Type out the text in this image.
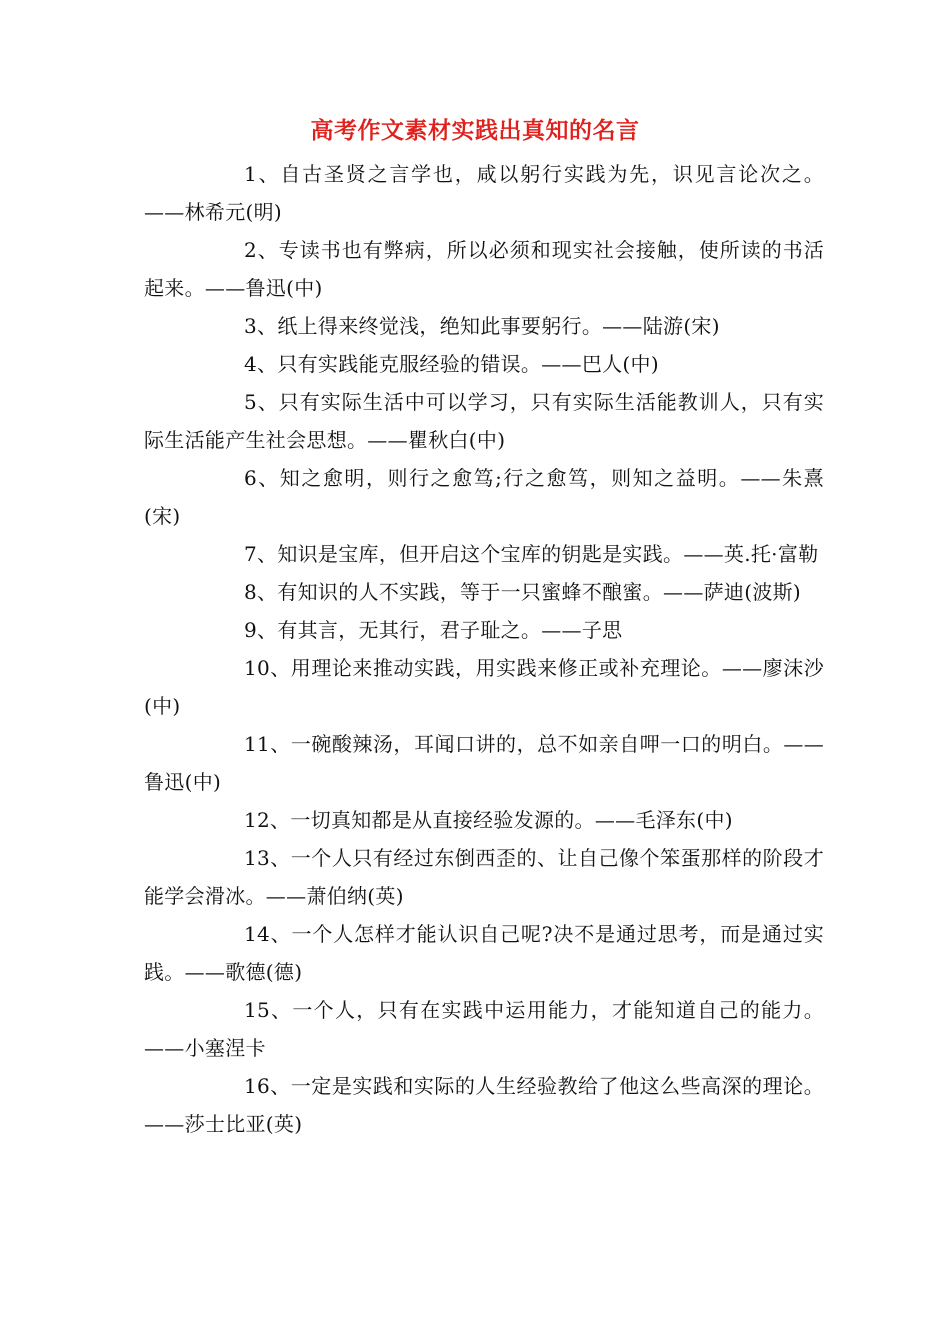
高考作文素材实践出真知的名言

1、自古圣贤之言学也，咸以躬行实践为先，识见言论次之。——林希元(明)

2、专读书也有弊病，所以必须和现实社会接触，使所读的书活起来。——鲁迅(中)

3、纸上得来终觉浅，绝知此事要躬行。——陆游(宋)

4、只有实践能克服经验的错误。——巴人(中)

5、只有实际生活中可以学习，只有实际生活能教训人，只有实际生活能产生社会思想。——瞿秋白(中)

6、知之愈明，则行之愈笃;行之愈笃，则知之益明。——朱熹(宋)

7、知识是宝库，但开启这个宝库的钥匙是实践。——英.托·富勒

8、有知识的人不实践，等于一只蜜蜂不酿蜜。——萨迪(波斯)

9、有其言，无其行，君子耻之。——子思

10、用理论来推动实践，用实践来修正或补充理论。——廖沫沙(中)

11、一碗酸辣汤，耳闻口讲的，总不如亲自呷一口的明白。——鲁迅(中)

12、一切真知都是从直接经验发源的。——毛泽东(中)

13、一个人只有经过东倒西歪的、让自己像个笨蛋那样的阶段才能学会滑冰。——萧伯纳(英)

14、一个人怎样才能认识自己呢?决不是通过思考，而是通过实践。——歌德(德)

15、一个人，只有在实践中运用能力，才能知道自己的能力。——小塞涅卡

16、一定是实践和实际的人生经验教给了他这么些高深的理论。——莎士比亚(英)
